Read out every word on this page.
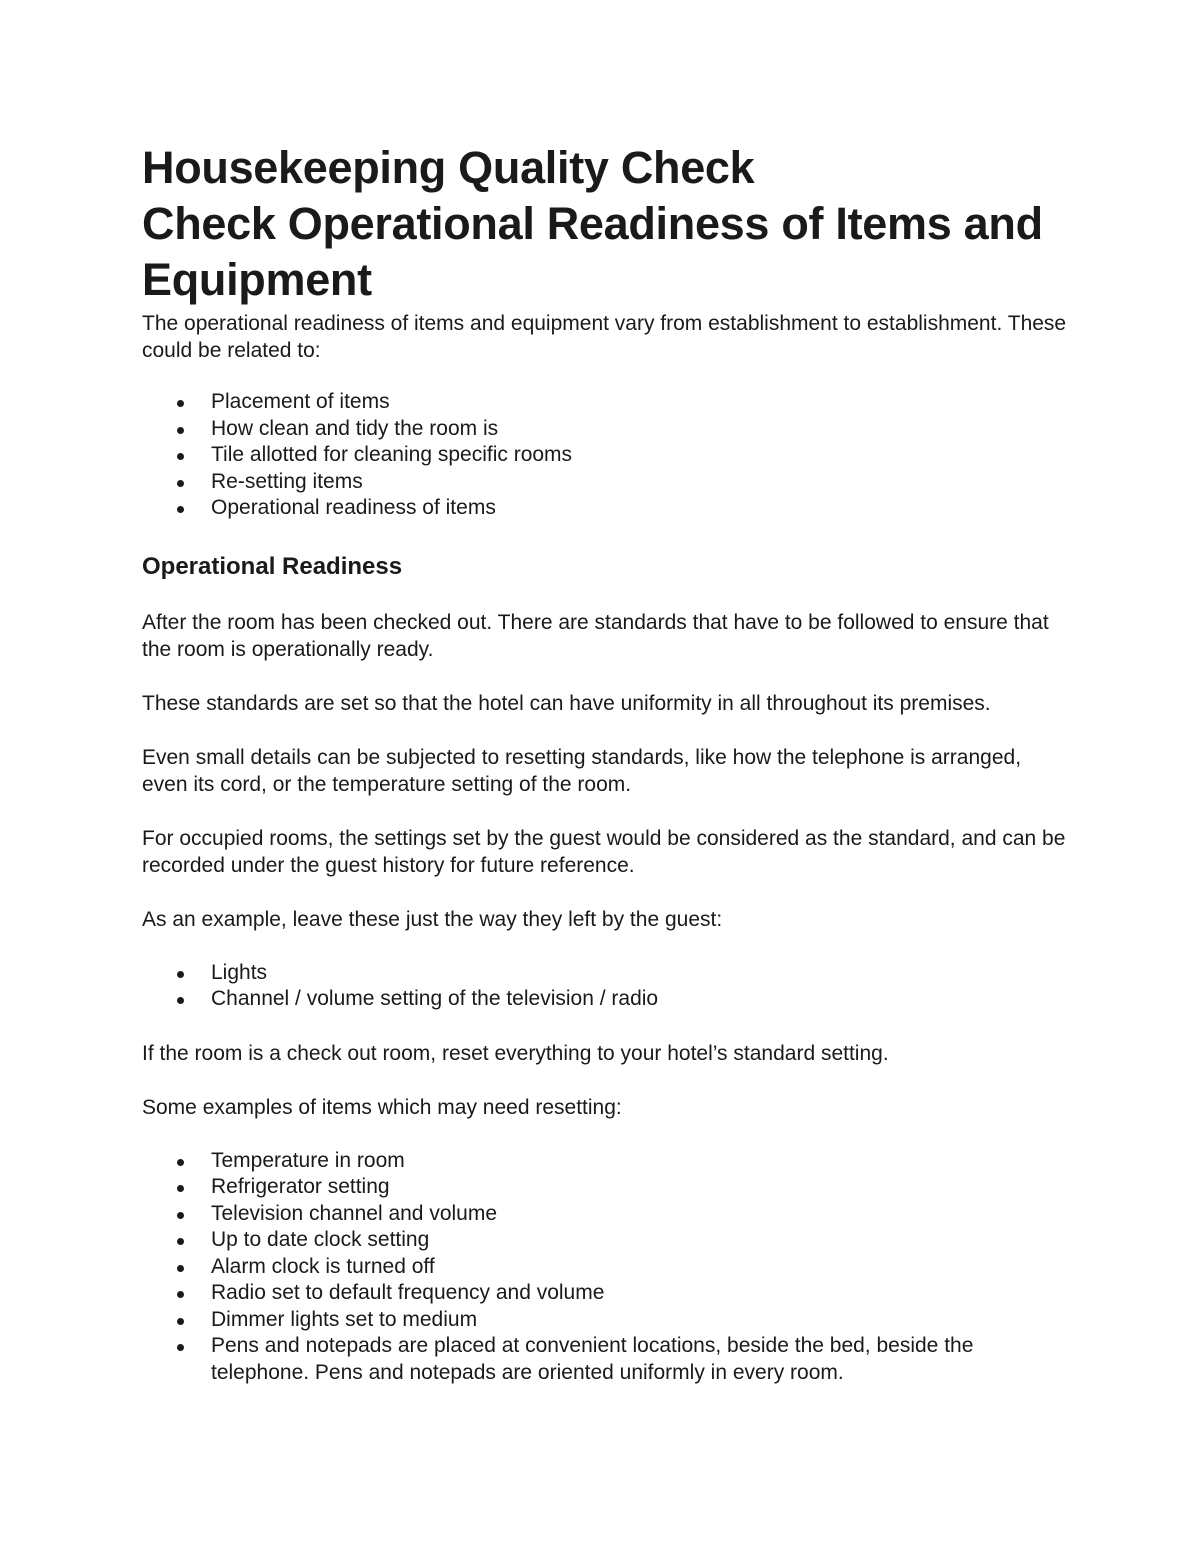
Housekeeping Quality Check
Check Operational Readiness of Items and Equipment

The operational readiness of items and equipment vary from establishment to establishment. These could be related to:

Placement of items
How clean and tidy the room is
Tile allotted for cleaning specific rooms
Re-setting items
Operational readiness of items
Operational Readiness

After the room has been checked out. There are standards that have to be followed to ensure that the room is operationally ready.

These standards are set so that the hotel can have uniformity in all throughout its premises.

Even small details can be subjected to resetting standards, like how the telephone is arranged, even its cord, or the temperature setting of the room.

For occupied rooms, the settings set by the guest would be considered as the standard, and can be recorded under the guest history for future reference.

As an example, leave these just the way they left by the guest:

Lights
Channel / volume setting of the television / radio

If the room is a check out room, reset everything to your hotel’s standard setting.

Some examples of items which may need resetting:

Temperature in room
Refrigerator setting
Television channel and volume
Up to date clock setting
Alarm clock is turned off
Radio set to default frequency and volume
Dimmer lights set to medium
Pens and notepads are placed at convenient locations, beside the bed, beside the telephone. Pens and notepads are oriented uniformly in every room.
